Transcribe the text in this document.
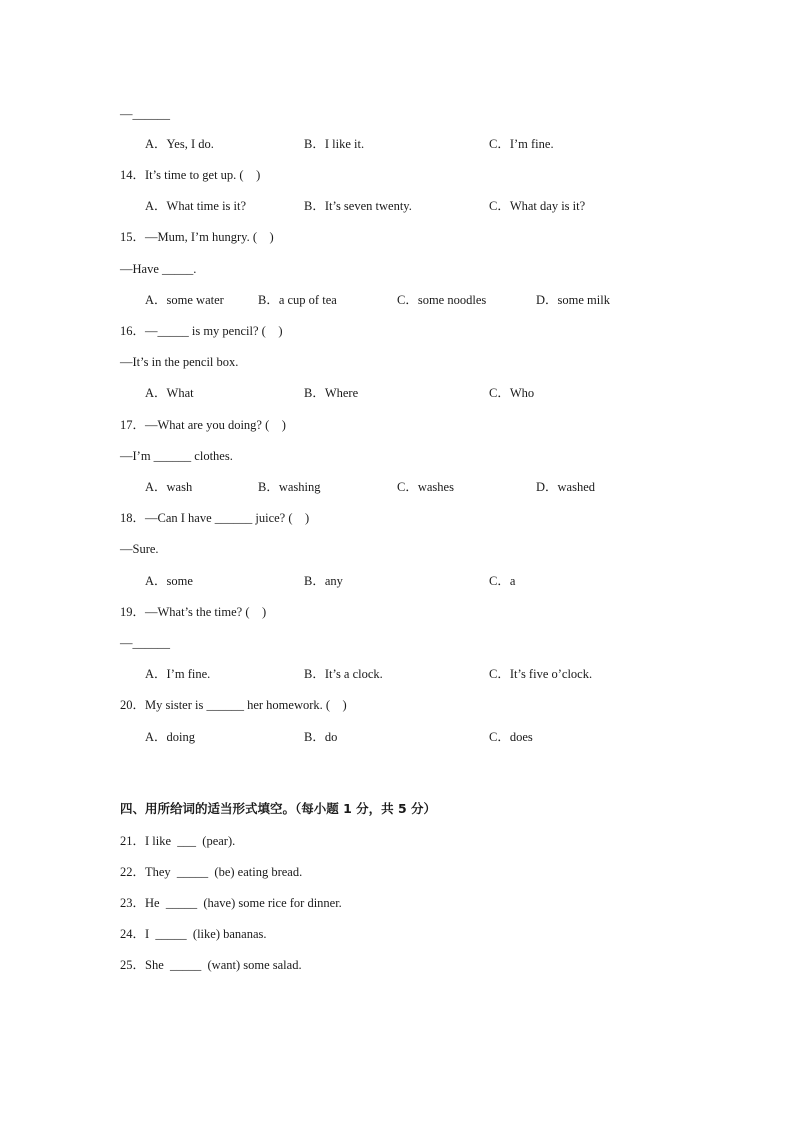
—______
A．Yes, I do.	B．I like it.	C．I’m fine.
14．It’s time to get up. (　)
A．What time is it?	B．It’s seven twenty.	C．What day is it?
15．—Mum, I’m hungry. (　)
—Have _____.
A．some water	B．a cup of tea	C．some noodles	D．some milk
16．—_____ is my pencil? (　)
—It’s in the pencil box.
A．What	B．Where	C．Who
17．—What are you doing? (　)
—I’m ______ clothes.
A．wash	B．washing	C．washes	D．washed
18．—Can I have ______ juice? (　)
—Sure.
A．some	B．any	C．a
19．—What’s the time? (　)
—______
A．I’m fine.	B．It’s a clock.	C．It’s five o’clock.
20．My sister is ______ her homework. (　)
A．doing	B．do	C．does
四、用所给词的适当形式填空。（每小题 1 分，共 5 分）
21．I like  ___  (pear).
22．They  _____  (be) eating bread.
23．He  _____  (have) some rice for dinner.
24．I  _____  (like) bananas.
25．She  _____  (want) some salad.
